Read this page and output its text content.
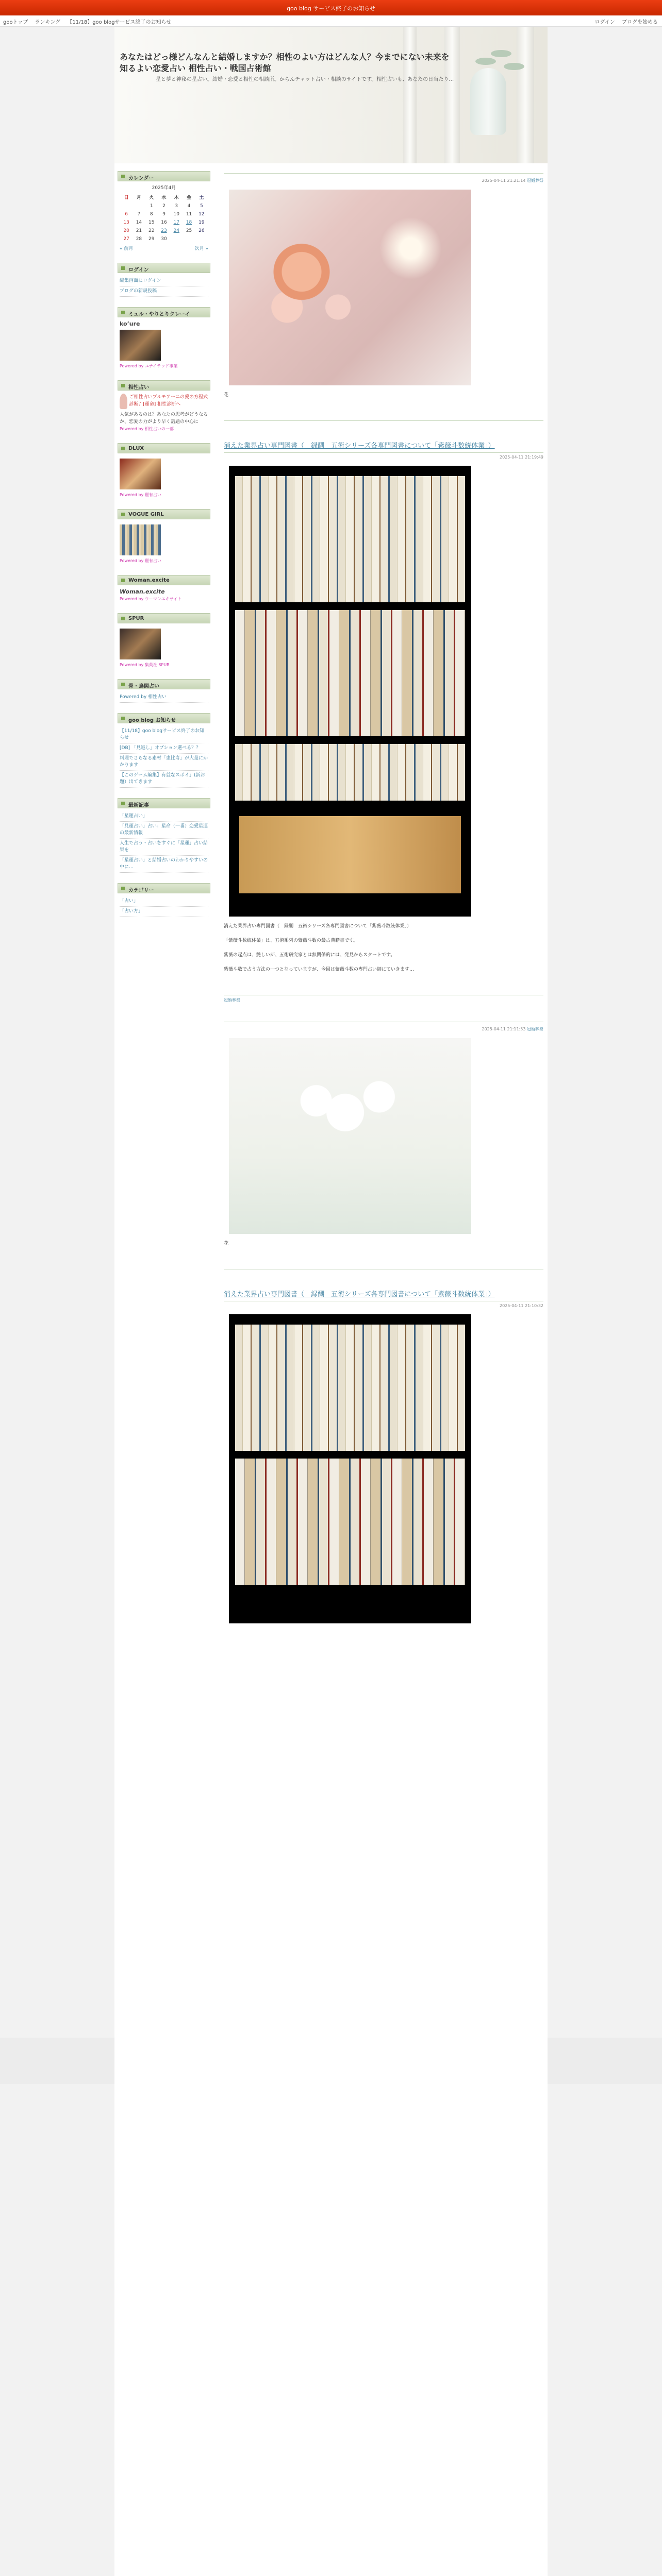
goo blog サービス終了のお知らせ
gooトップ ランキング 【11/18】goo blogサービス終了のお知らせ	ログイン ブログを始める
あなたはどっ様どんなんと結婚しますか？相性のよい方はどんな人？今までにない未来を知るよい恋愛占い 相性占い・戦国占術館
星と夢と神秘の星占い。結婚・恋愛と相性の相談所。からんチャット占い・相談のサイトです。相性占いも、あなたの日当たり…
カレンダー
2025年4月
日	月	火	水	木	金	土
		1	2	3	4	5
6	7	8	9	10	11	12
13	14	15	16	17	18	19
20	21	22	23	24	25	26
27	28	29	30			
« 前月	次月 »
ログイン
編集画面にログイン
ブログの新規投稿
ミュル・やりとりクレーイ
ko’ure
Powered by ユナイテッド事業
相性占い
ご相性占いブルモアーニの愛の方程式診断♪ [運命] 相性診断へ
人気があるのは？あなたの思考がどうなるか、恋愛の力がより早く話題の中心に
Powered by 相性占いの一部
DLUX
Powered by 麗有占い
VOGUE GIRL
Powered by 麗有占い
Woman.excite
Woman.excite
Powered by ウーマンエキサイト
SPUR
Powered by 集英社 SPUR
骨・鳥関占い
Powered by 相性占い
goo blog お知らせ
【11/18】goo blogサービス終了のお知らせ
[DB] 「見逃し」オプション選べる？？
料理でさらなる素材「恵比寿」が大量にかかります
【このゲーム編集】有益なスポイ」(新お題）出てきます
最新記事
「星運占い」
「見運占い」占い：星命（一番）恋愛星運の最新情報
人生で占う・占いをすぐに「星運」占い結果を
「星運占い」と結婚占いのわかりやすいの中に…
カテゴリー
「占い」
「占い方」
2025-04-11 21:21:14 冠婚葬祭
花
消えた業界占い専門図書（　録醐　五術シリーズ各専門図書について「紫薇斗数統体業」）
2025-04-11 21:19:49

消えた業界占い専門図書（　録醐　五術シリーズ各専門図書について「紫薇斗数統体業」）

「紫薇斗数統体業」は、五術系列の紫薇斗数の最古典籍書です。

紫薇の起点は、艶しいが、五術研究家とは無関係的には、発見からスタートです。

紫薇斗数で占う方法の一つとなっていますが、今回は紫薇斗数の専門占い師にていきます…

冠婚葬祭
2025-04-11 21:11:53 冠婚葬祭
花
消えた業界占い専門図書（　録醐　五術シリーズ各専門図書について「紫薇斗数統体業」）
2025-04-11 21:10:32
